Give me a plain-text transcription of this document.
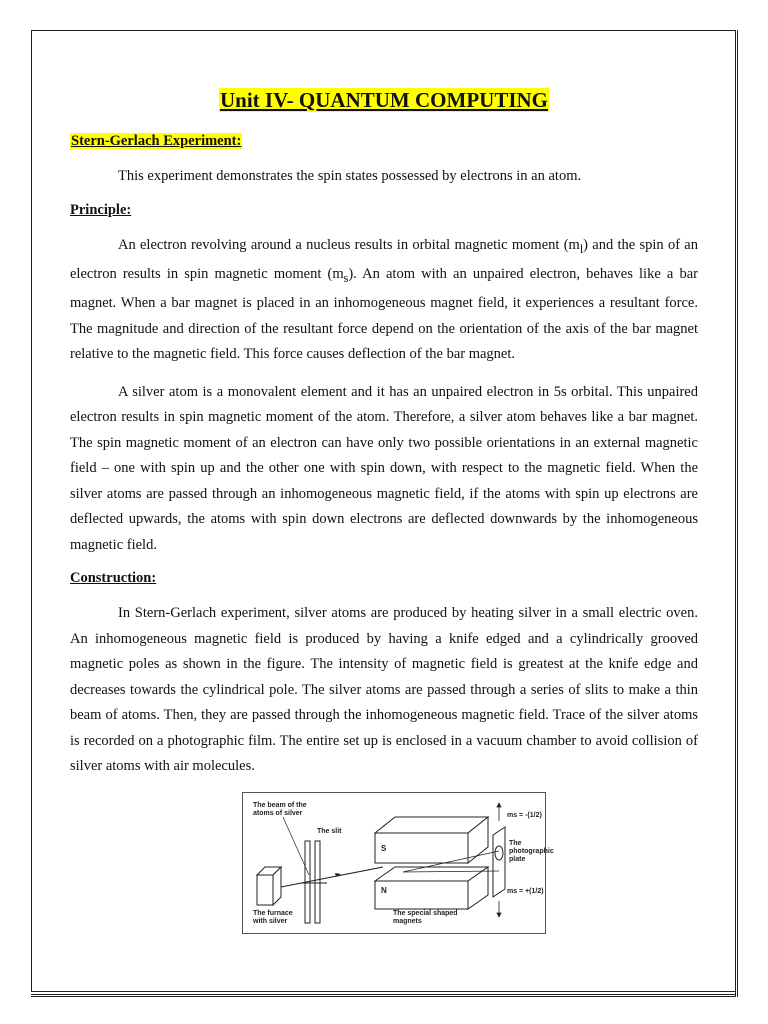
Unit IV- QUANTUM COMPUTING
Stern-Gerlach Experiment:

This experiment demonstrates the spin states possessed by electrons in an atom.

Principle:

An electron revolving around a nucleus results in orbital magnetic moment $(m_l)$ and the spin of an electron results in spin magnetic moment $(m_s)$. An atom with an unpaired electron, behaves like a bar magnet. When a bar magnet is placed in an inhomogeneous magnet field, it experiences a resultant force. The magnitude and direction of the resultant force depend on the orientation of the axis of the bar magnet relative to the magnetic field. This force causes deflection of the bar magnet.

A silver atom is a monovalent element and it has an unpaired electron in 5s orbital. This unpaired electron results in spin magnetic moment of the atom. Therefore, a silver atom behaves like a bar magnet. The spin magnetic moment of an electron can have only two possible orientations in an external magnetic field – one with spin up and the other one with spin down, with respect to the magnetic field. When the silver atoms are passed through an inhomogeneous magnetic field, if the atoms with spin up electrons are deflected upwards, the atoms with spin down electrons are deflected downwards by the inhomogeneous magnetic field.

Construction:

In Stern-Gerlach experiment, silver atoms are produced by heating silver in a small electric oven. An inhomogeneous magnetic field is produced by having a knife edged and a cylindrically grooved magnetic poles as shown in the figure. The intensity of magnetic field is greatest at the knife edge and decreases towards the cylindrical pole. The silver atoms are passed through a series of slits to make a thin beam of atoms. Then, they are passed through the inhomogeneous magnetic field. Trace of the silver atoms is recorded on a photographic film. The entire set up is enclosed in a vacuum chamber to avoid collision of silver atoms with air molecules.

The beam of the
atoms of silver
The slit
ms = -(1/2)
ms = +(1/2)
The
photographic
plate
S
N
The furnace
with silver
The special shaped
magnets
